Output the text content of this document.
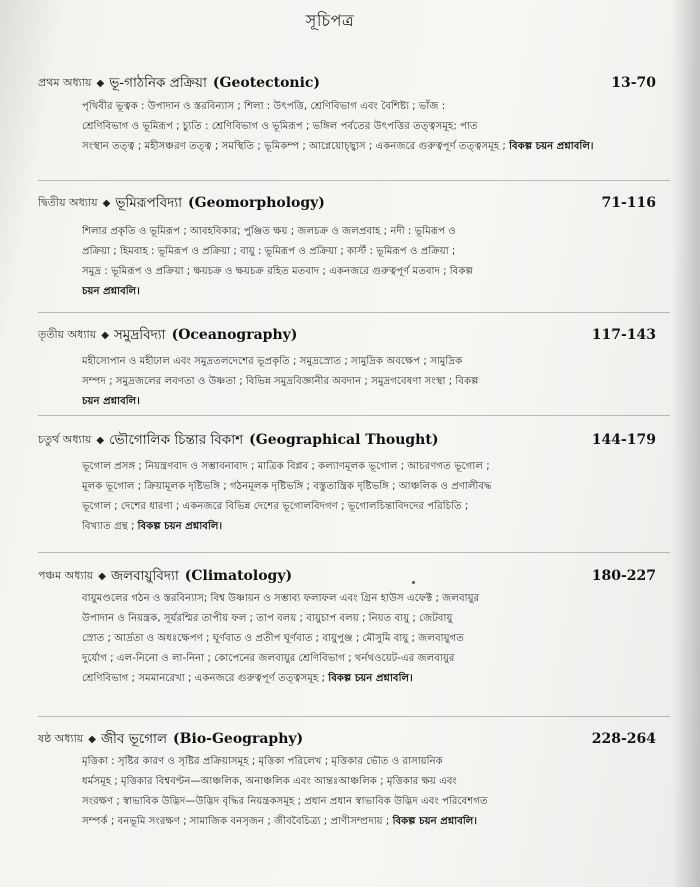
সূচিপত্র
প্রথম অধ্যায় ◆ ভূ-গাঠনিক প্রক্রিয়া (Geotectonic)	13-70
পৃথিবীর ভূত্বক : উপাদান ও স্তরবিন্যাস ; শিলা : উৎপত্তি, শ্রেণিবিভাগ এবং বৈশিষ্ট্য ; ভাঁজ :
শ্রেণিবিভাগ ও ভূমিরূপ ; চ্যুতি : শ্রেণিবিভাগ ও ভূমিরূপ ; ভঙ্গিল পর্বতের উৎপত্তির তত্ত্বসমূহ: পাত
সংস্থান তত্ত্ব ; মহীসঞ্চরণ তত্ত্ব ; সমস্থিতি ; ভূমিকম্প ; আগ্নেয়োচ্ছ্বাস ; একনজরে গুরুত্বপূর্ণ তত্ত্বসমূহ ; বিকল্প চয়ন প্রশ্নাবলি।
দ্বিতীয় অধ্যায় ◆ ভূমিরূপবিদ্যা (Geomorphology)	71-116
শিলার প্রকৃতি ও ভূমিরূপ ; আবহবিকার; পুঞ্জিত ক্ষয় ; জলচক্র ও জলপ্রবাহ ; নদী : ভূমিরূপ ও
প্রক্রিয়া ; হিমবাহ : ভূমিরূপ ও প্রক্রিয়া ; বায়ু : ভূমিরূপ ও প্রক্রিয়া ; কার্স্ট : ভূমিরূপ ও প্রক্রিয়া ;
সমুদ্র : ভূমিরূপ ও প্রক্রিয়া ; ক্ষয়চক্র ও ক্ষয়চক্র রহিত মতবাদ ; একনজরে গুরুত্বপূর্ণ মতবাদ ; বিকল্প
চয়ন প্রশ্নাবলি।
তৃতীয় অধ্যায় ◆ সমুদ্রবিদ্যা (Oceanography)	117-143
মহীসোপান ও মহীঢাল এবং সমুদ্রতলদেশের ভূপ্রকৃতি ; সমুদ্রস্রোত ; সামুদ্রিক অবক্ষেপ ; সামুদ্রিক
সম্পদ ; সমুদ্রজলের লবণতা ও উষ্ণতা ; বিভিন্ন সমুদ্রবিজ্ঞানীর অবদান ; সমুদ্রগবেষণা সংস্থা ; বিকল্প
চয়ন প্রশ্নাবলি।
চতুর্থ অধ্যায় ◆ ভৌগোলিক চিন্তার বিকাশ (Geographical Thought)	144-179
ভূগোল প্রসঙ্গ ; নিয়ন্ত্রণবাদ ও সম্ভাবনাবাদ ; মাত্রিক বিপ্লব ; কল্যাণমূলক ভূগোল ; আচরণগত ভূগোল ;
মূলক ভূগোল ; ক্রিয়ামূলক দৃষ্টিভঙ্গি ; গঠনমূলক দৃষ্টিভঙ্গি ; বস্তুতান্ত্রিক দৃষ্টিভঙ্গি ; আঞ্চলিক ও প্রণালীবদ্ধ
ভূগোল ; দেশের ধারণা ; একনজরে বিভিন্ন দেশের ভূগোলবিদগণ ; ভূগোলচিন্তাবিদদের পরিচিতি ;
বিখ্যাত গ্রন্থ ; বিকল্প চয়ন প্রশ্নাবলি।
পঞ্চম অধ্যায় ◆ জলবায়ুবিদ্যা (Climatology)	180-227
বায়ুমণ্ডলের গঠন ও স্তরবিন্যাস; বিশ্ব উষ্ণায়ন ও সম্ভাব্য ফলাফল এবং গ্রিন হাউস এফেক্ট ; জলবায়ুর
উপাদান ও নিয়ন্ত্রক, সূর্যরশ্মির তাপীয় ফল ; তাপ বলয় ; বায়ুচাপ বলয় ; নিয়ত বায়ু ; জেটবায়ু
স্রোত ; আর্দ্রতা ও অধঃক্ষেপণ ; ঘূর্ণবাত ও প্রতীপ ঘূর্ণবাত ; বায়ুপুঞ্জ ; মৌসুমি বায়ু ; জলবায়ুগত
দুর্যোগ ; এল-নিনো ও লা-নিনা ; কোপেনের জলবায়ুর শ্রেণিবিভাগ ; থর্নথওয়েট-এর জলবায়ুর
শ্রেণিবিভাগ ; সমমানরেখা ; একনজরে গুরুত্বপূর্ণ তত্ত্বসমূহ ; বিকল্প চয়ন প্রশ্নাবলি।
ষষ্ঠ অধ্যায় ◆ জীব ভূগোল (Bio-Geography)	228-264
মৃত্তিকা : সৃষ্টির কারণ ও সৃষ্টির প্রক্রিয়াসমূহ ; মৃত্তিকা পরিলেখ ; মৃত্তিকার ভৌত ও রাসায়নিক
ধর্মসমূহ ; মৃত্তিকার বিশ্ববণ্টন—আঞ্চলিক, অনাঞ্চলিক এবং আন্তঃআঞ্চলিক ; মৃত্তিকার ক্ষয় এবং
সংরক্ষণ ; স্বাভাবিক উদ্ভিদ—উদ্ভিদ বৃদ্ধির নিয়ন্ত্রকসমূহ ; প্রধান প্রধান স্বাভাবিক উদ্ভিদ এবং পরিবেশগত
সম্পর্ক ; বনভূমি সংরক্ষণ ; সামাজিক বনসৃজন ; জীববৈচিত্র্য ; প্রাণীসম্প্রদায় ; বিকল্প চয়ন প্রশ্নাবলি।
